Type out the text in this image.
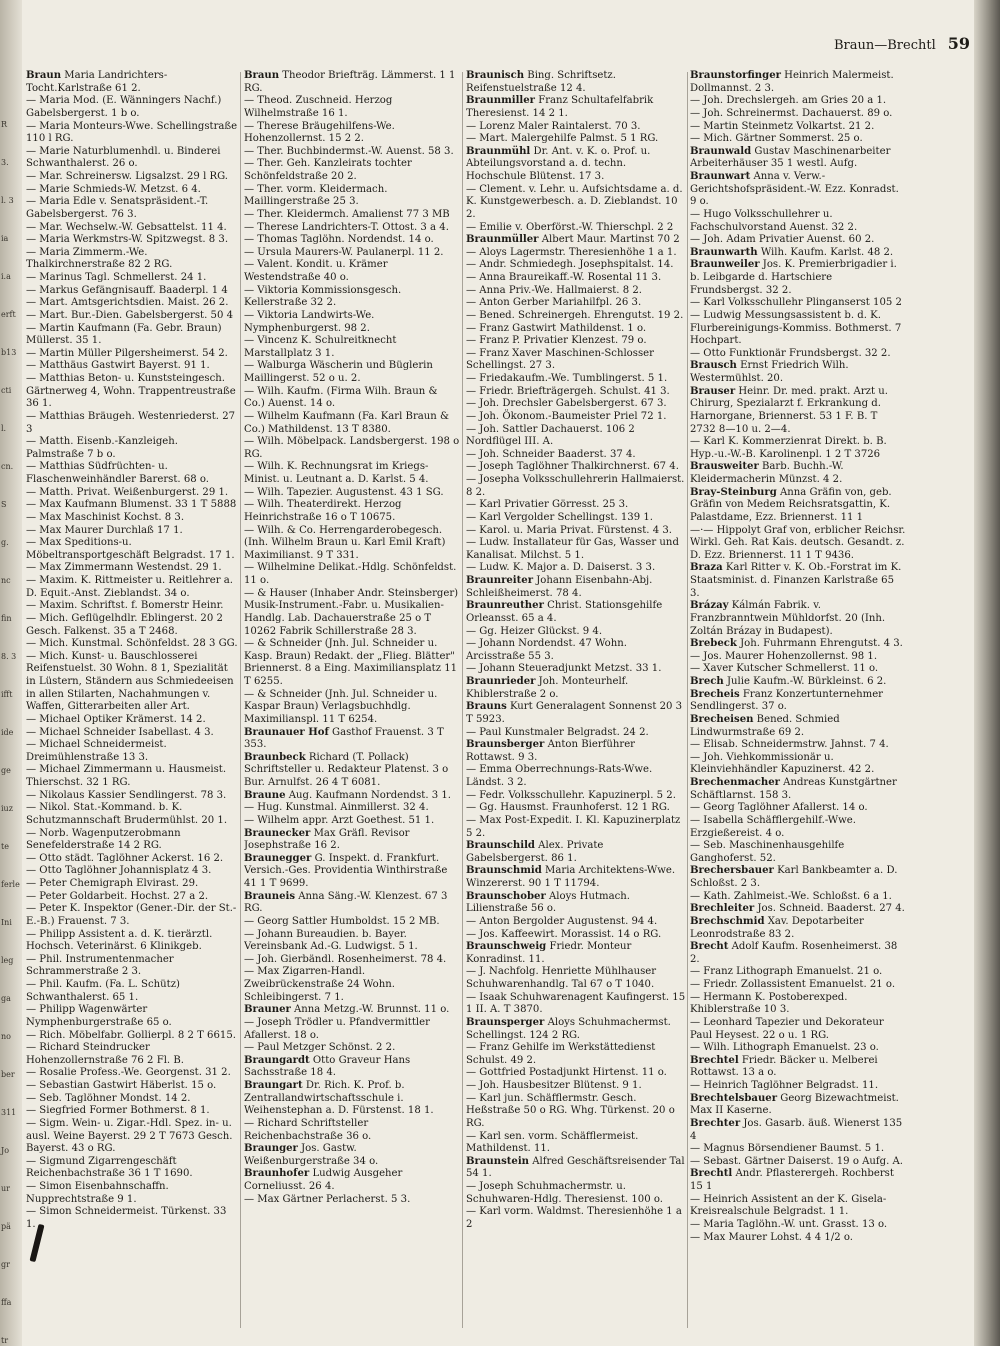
R
3.
l. 3
ia
i.a
erft
b13
cti
l.
cn.
S
g.
nc
fin
8. 3
ifft
ide
ge
iuz
te
ferle
Ini
leg
ga
no
ber
311
Jo
ur
pä
gr
ffa
tr
Braun—Brechtl 59
Braun Maria Landrichters-Tocht.Karlstraße 61 2.
— Maria Mod. (E. Wänningers Nachf.) Gabelsbergerst. 1 b o.
— Maria Monteurs-Wwe. Schellingstraße 110 l RG.
— Marie Naturblumenhdl. u. Binderei Schwanthalerst. 26 o.
— Mar. Schreinersw. Ligsalzst. 29 l RG.
— Marie Schmieds-W. Metzst. 6 4.
— Maria Edle v. Senatspräsident.-T. Gabelsbergerst. 76 3.
— Mar. Wechselw.-W. Gebsattelst. 11 4.
— Maria Werkmstrs-W. Spitzwegst. 8 3.
— Maria Zimmerm.-We. Thalkirchnerstraße 82 2 RG.
— Marinus Tagl. Schmellerst. 24 1.
— Markus Gefängnisauff. Baaderpl. 1 4
— Mart. Amtsgerichtsdien. Maist. 26 2.
— Mart. Bur.-Dien. Gabelsbergerst. 50 4
— Martin Kaufmann (Fa. Gebr. Braun) Müllerst. 35 1.
— Martin Müller Pilgersheimerst. 54 2.
— Matthäus Gastwirt Bayerst. 91 1.
— Matthias Beton- u. Kunststeingesch. Gärtnerweg 4, Wohn. Trappentreustraße 36 1.
— Matthias Bräugeh. Westenriederst. 27 3
— Matth. Eisenb.-Kanzleigeh. Palmstraße 7 b o.
— Matthias Südfrüchten- u. Flaschenweinhändler Barerst. 68 o.
— Matth. Privat. Weißenburgerst. 29 1.
— Max Kaufmann Blumenst. 33 1 T 5888
— Max Maschinist Kochst. 8 3.
— Max Maurer Durchlaß 17 1.
— Max Speditions-u. Möbeltransportgeschäft Belgradst. 17 1.
— Max Zimmermann Westendst. 29 1.
— Maxim. K. Rittmeister u. Reitlehrer a. D. Equit.-Anst. Zieblandst. 34 o.
— Maxim. Schriftst. f. Bomerstr Heinr.
— Mich. Geflügelhdlr. Eblingerst. 20 2 Gesch. Falkenst. 35 a T 2468.
— Mich. Kunstmal. Schönfeldst. 28 3 GG.
— Mich. Kunst- u. Bauschlosserei Reifenstuelst. 30 Wohn. 8 1, Spezialität in Lüstern, Ständern aus Schmiedeeisen in allen Stilarten, Nachahmungen v. Waffen, Gitterarbeiten aller Art.
— Michael Optiker Krämerst. 14 2.
— Michael Schneider Isabellast. 4 3.
— Michael Schneidermeist. Dreimühlenstraße 13 3.
— Michael Zimmermann u. Hausmeist. Thierschst. 32 1 RG.
— Nikolaus Kassier Sendlingerst. 78 3.
— Nikol. Stat.-Kommand. b. K. Schutzmannschaft Brudermühlst. 20 1.
— Norb. Wagenputzerobmann Senefelderstraße 14 2 RG.
— Otto städt. Taglöhner Ackerst. 16 2.
— Otto Taglöhner Johannisplatz 4 3.
— Peter Chemigraph Elvirast. 29.
— Peter Goldarbeit. Hochst. 27 a 2.
— Peter K. Inspektor (Gener.-Dir. der St.-E.-B.) Frauenst. 7 3.
— Philipp Assistent a. d. K. tierärztl. Hochsch. Veterinärst. 6 Klinikgeb.
— Phil. Instrumentenmacher Schrammerstraße 2 3.
— Phil. Kaufm. (Fa. L. Schütz) Schwanthalerst. 65 1.
— Philipp Wagenwärter Nymphenburgerstraße 65 o.
— Rich. Möbelfabr. Gollierpl. 8 2 T 6615.
— Richard Steindrucker Hohenzollernstraße 76 2 Fl. B.
— Rosalie Profess.-We. Georgenst. 31 2.
— Sebastian Gastwirt Häberlst. 15 o.
— Seb. Taglöhner Mondst. 14 2.
— Siegfried Former Bothmerst. 8 1.
— Sigm. Wein- u. Zigar.-Hdl. Spez. in- u. ausl. Weine Bayerst. 29 2 T 7673 Gesch. Bayerst. 43 o RG.
— Sigmund Zigarrengeschäft Reichenbachstraße 36 1 T 1690.
— Simon Eisenbahnschaffn. Nupprechtstraße 9 1.
— Simon Schneidermeist. Türkenst. 33 1.
Braun Theodor Briefträg. Lämmerst. 1 1 RG.
— Theod. Zuschneid. Herzog Wilhelmstraße 16 1.
— Therese Bräugehilfens-We. Hohenzollernst. 15 2 2.
— Ther. Buchbindermst.-W. Auenst. 58 3.
— Ther. Geh. Kanzleirats tochter Schönfeldstraße 20 2.
— Ther. vorm. Kleidermach. Maillingerstraße 25 3.
— Ther. Kleidermch. Amalienst 77 3 MB
— Therese Landrichters-T. Ottost. 3 a 4.
— Thomas Taglöhn. Nordendst. 14 o.
— Ursula Maurers-W. Paulanerpl. 11 2.
— Valent. Kondit. u. Krämer Westendstraße 40 o.
— Viktoria Kommissionsgesch. Kellerstraße 32 2.
— Viktoria Landwirts-We. Nymphenburgerst. 98 2.
— Vincenz K. Schulreitknecht Marstallplatz 3 1.
— Walburga Wäscherin und Büglerin Maillingerst. 52 o u. 2.
— Wilh. Kaufm. (Firma Wilh. Braun & Co.) Auenst. 14 o.
— Wilhelm Kaufmann (Fa. Karl Braun & Co.) Mathildenst. 13 T 8380.
— Wilh. Möbelpack. Landsbergerst. 198 o RG.
— Wilh. K. Rechnungsrat im Kriegs-Minist. u. Leutnant a. D. Karlst. 5 4.
— Wilh. Tapezier. Augustenst. 43 1 SG.
— Wilh. Theaterdirekt. Herzog Heinrichstraße 16 o T 10675.
— Wilh. & Co. Herrengarderobegesch. (Inh. Wilhelm Braun u. Karl Emil Kraft) Maximilianst. 9 T 331.
— Wilhelmine Delikat.-Hdlg. Schönfeldst. 11 o.
— & Hauser (Inhaber Andr. Steinsberger) Musik-Instrument.-Fabr. u. Musikalien-Handlg. Lab. Dachauerstraße 25 o T 10262 Fabrik Schillerstraße 28 3.
— & Schneider (Jnh. Jul. Schneider u. Kasp. Braun) Redakt. der „Flieg. Blätter" Briennerst. 8 a Eing. Maximiliansplatz 11 T 6255.
— & Schneider (Jnh. Jul. Schneider u. Kaspar Braun) Verlagsbuchhdlg. Maximilianspl. 11 T 6254.
Braunauer Hof Gasthof Frauenst. 3 T 353.
Braunbeck Richard (T. Pollack) Schriftsteller u. Redakteur Platenst. 3 o Bur. Arnulfst. 26 4 T 6081.
Braune Aug. Kaufmann Nordendst. 3 1.
— Hug. Kunstmal. Ainmillerst. 32 4.
— Wilhelm appr. Arzt Goethest. 51 1.
Braunecker Max Gräfl. Revisor Josephstraße 16 2.
Braunegger G. Inspekt. d. Frankfurt. Versich.-Ges. Providentia Winthirstraße 41 1 T 9699.
Brauneis Anna Säng.-W. Klenzest. 67 3 RG.
— Georg Sattler Humboldst. 15 2 MB.
— Johann Bureaudien. b. Bayer. Vereinsbank Ad.-G. Ludwigst. 5 1.
— Joh. Gierbändl. Rosenheimerst. 78 4.
— Max Zigarren-Handl. Zweibrückenstraße 24 Wohn. Schleibingerst. 7 1.
Brauner Anna Metzg.-W. Brunnst. 11 o.
— Joseph Trödler u. Pfandvermittler Afallerst. 18 o.
— Paul Metzger Schönst. 2 2.
Braungardt Otto Graveur Hans Sachsstraße 18 4.
Braungart Dr. Rich. K. Prof. b. Zentrallandwirtschaftsschule i. Weihenstephan a. D. Fürstenst. 18 1.
— Richard Schriftsteller Reichenbachstraße 36 o.
Braunger Jos. Gastw. Weißenburgerstraße 34 o.
Braunhofer Ludwig Ausgeher Corneliusst. 26 4.
— Max Gärtner Perlacherst. 5 3.
Braunisch Bing. Schriftsetz. Reifenstuelstraße 12 4.
Braunmiller Franz Schultafelfabrik Theresienst. 14 2 1.
— Lorenz Maler Raintalerst. 70 3.
— Mart. Malergehilfe Palmst. 5 1 RG.
Braunmühl Dr. Ant. v. K. o. Prof. u. Abteilungsvorstand a. d. techn. Hochschule Blütenst. 17 3.
— Clement. v. Lehr. u. Aufsichtsdame a. d. K. Kunstgewerbesch. a. D. Zieblandst. 10 2.
— Emilie v. Oberförst.-W. Thierschpl. 2 2
Braunmüller Albert Maur. Martinst 70 2
— Aloys Lagermstr. Theresienhöhe 1 a 1.
— Andr. Schmiedegh. Josephspitalst. 14.
— Anna Braureikaff.-W. Rosental 11 3.
— Anna Priv.-We. Hallmaierst. 8 2.
— Anton Gerber Mariahilfpl. 26 3.
— Bened. Schreinergeh. Ehrengutst. 19 2.
— Franz Gastwirt Mathildenst. 1 o.
— Franz P. Privatier Klenzest. 79 o.
— Franz Xaver Maschinen-Schlosser Schellingst. 27 3.
— Friedakaufm.-We. Tumblingerst. 5 1.
— Friedr. Briefträgergeh. Schulst. 41 3.
— Joh. Drechsler Gabelsbergerst. 67 3.
— Joh. Ökonom.-Baumeister Priel 72 1.
— Joh. Sattler Dachauerst. 106 2 Nordflügel III. A.
— Joh. Schneider Baaderst. 37 4.
— Joseph Taglöhner Thalkirchnerst. 67 4.
— Josepha Volksschullehrerin Hallmaierst. 8 2.
— Karl Privatier Görresst. 25 3.
— Karl Vergolder Schellingst. 139 1.
— Karol. u. Maria Privat. Fürstenst. 4 3.
— Ludw. Installateur für Gas, Wasser und Kanalisat. Milchst. 5 1.
— Ludw. K. Major a. D. Daiserst. 3 3.
Braunreiter Johann Eisenbahn-Abj. Schleißheimerst. 78 4.
Braunreuther Christ. Stationsgehilfe Orleansst. 65 a 4.
— Gg. Heizer Glückst. 9 4.
— Johann Nordendst. 47 Wohn. Arcisstraße 55 3.
— Johann Steueradjunkt Metzst. 33 1.
Braunrieder Joh. Monteurhelf. Khiblerstraße 2 o.
Brauns Kurt Generalagent Sonnenst 20 3 T 5923.
— Paul Kunstmaler Belgradst. 24 2.
Braunsberger Anton Bierführer Rottawst. 9 3.
— Emma Oberrechnungs-Rats-Wwe. Ländst. 3 2.
— Fedr. Volksschullehr. Kapuzinerpl. 5 2.
— Gg. Hausmst. Fraunhoferst. 12 1 RG.
— Max Post-Expedit. I. Kl. Kapuzinerplatz 5 2.
Braunschild Alex. Private Gabelsbergerst. 86 1.
Braunschmid Maria Architektens-Wwe. Winzererst. 90 1 T 11794.
Braunschober Aloys Hutmach. Lilienstraße 56 o.
— Anton Bergolder Augustenst. 94 4.
— Jos. Kaffeewirt. Morassist. 14 o RG.
Braunschweig Friedr. Monteur Konradinst. 11.
— J. Nachfolg. Henriette Mühlhauser Schuhwarenhandlg. Tal 67 o T 1040.
— Isaak Schuhwarenagent Kaufingerst. 15 1 II. A. T 3870.
Braunsperger Aloys Schuhmachermst. Schellingst. 124 2 RG.
— Franz Gehilfe im Werkstättedienst Schulst. 49 2.
— Gottfried Postadjunkt Hirtenst. 11 o.
— Joh. Hausbesitzer Blütenst. 9 1.
— Karl jun. Schäfflermstr. Gesch. Heßstraße 50 o RG. Whg. Türkenst. 20 o RG.
— Karl sen. vorm. Schäfflermeist. Mathildenst. 11.
Braunstein Alfred Geschäftsreisender Tal 54 1.
— Joseph Schuhmachermstr. u. Schuhwaren-Hdlg. Theresienst. 100 o.
— Karl vorm. Waldmst. Theresienhöhe 1 a 2
Braunstorfinger Heinrich Malermeist. Dollmannst. 2 3.
— Joh. Drechslergeh. am Gries 20 a 1.
— Joh. Schreinermst. Dachauerst. 89 o.
— Martin Steinmetz Volkartst. 21 2.
— Mich. Gärtner Sommerst. 25 o.
Braunwald Gustav Maschinenarbeiter Arbeiterhäuser 35 1 westl. Aufg.
Braunwart Anna v. Verw.-Gerichtshofspräsident.-W. Ezz. Konradst. 9 o.
— Hugo Volksschullehrer u. Fachschulvorstand Auenst. 32 2.
— Joh. Adam Privatier Auenst. 60 2.
Braunwarth Wilh. Kaufm. Karlst. 48 2.
Braunweiler Jos. K. Premierbrigadier i. b. Leibgarde d. Hartschiere Frundsbergst. 32 2.
— Karl Volksschullehr Plinganserst 105 2
— Ludwig Messungsassistent b. d. K. Flurbereinigungs-Kommiss. Bothmerst. 7 Hochpart.
— Otto Funktionär Frundsbergst. 32 2.
Brausch Ernst Friedrich Wilh. Westermühlst. 20.
Brauser Heinr. Dr. med. prakt. Arzt u. Chirurg, Spezialarzt f. Erkrankung d. Harnorgane, Briennerst. 53 1 F. B. T 2732 8—10 u. 2—4.
— Karl K. Kommerzienrat Direkt. b. B. Hyp.-u.-W.-B. Karolinenpl. 1 2 T 3726
Brausweiter Barb. Buchh.-W. Kleidermacherin Münzst. 4 2.
Bray-Steinburg Anna Gräfin von, geb. Gräfin von Medem Reichsratsgattin, K. Palastdame, Ezz. Briennerst. 11 1
—·— Hippolyt Graf von, erblicher Reichsr. Wirkl. Geh. Rat Kais. deutsch. Gesandt. z. D. Ezz. Briennerst. 11 1 T 9436.
Braza Karl Ritter v. K. Ob.-Forstrat im K. Staatsminist. d. Finanzen Karlstraße 65 3.
Brázay Kálmán Fabrik. v. Franzbranntwein Mühldorfst. 20 (Inh. Zoltán Brázay in Budapest).
Brebeck Joh. Fuhrmann Ehrengutst. 4 3.
— Jos. Maurer Hohenzollernst. 98 1.
— Xaver Kutscher Schmellerst. 11 o.
Brech Julie Kaufm.-W. Bürkleinst. 6 2.
Brecheis Franz Konzertunternehmer Sendlingerst. 37 o.
Brecheisen Bened. Schmied Lindwurmstraße 69 2.
— Elisab. Schneidermstrw. Jahnst. 7 4.
— Joh. Viehkommissionär u. Kleinviehhändler Kapuzinerst. 42 2.
Brechenmacher Andreas Kunstgärtner Schäftlarnst. 158 3.
— Georg Taglöhner Afallerst. 14 o.
— Isabella Schäfflergehilf.-Wwe. Erzgießereist. 4 o.
— Seb. Maschinenhausgehilfe Ganghoferst. 52.
Brechersbauer Karl Bankbeamter a. D. Schloßst. 2 3.
— Kath. Zahlmeist.-We. Schloßst. 6 a 1.
Brechleiter Jos. Schneid. Baaderst. 27 4.
Brechschmid Xav. Depotarbeiter Leonrodstraße 83 2.
Brecht Adolf Kaufm. Rosenheimerst. 38 2.
— Franz Lithograph Emanuelst. 21 o.
— Friedr. Zollassistent Emanuelst. 21 o.
— Hermann K. Postoberexped. Khiblerstraße 10 3.
— Leonhard Tapezier und Dekorateur Paul Heysest. 22 o u. 1 RG.
— Wilh. Lithograph Emanuelst. 23 o.
Brechtel Friedr. Bäcker u. Melberei Rottawst. 13 a o.
— Heinrich Taglöhner Belgradst. 11.
Brechtelsbauer Georg Bizewachtmeist. Max II Kaserne.
Brechter Jos. Gasarb. äuß. Wienerst 135 4
— Magnus Börsendiener Baumst. 5 1.
— Sebast. Gärtner Daiserst. 19 o Aufg. A.
Brechtl Andr. Pflasterergeh. Rochberst 15 1
— Heinrich Assistent an der K. Gisela-Kreisrealschule Belgradst. 1 1.
— Maria Taglöhn.-W. unt. Grasst. 13 o.
— Max Maurer Lohst. 4 4 1/2 o.
